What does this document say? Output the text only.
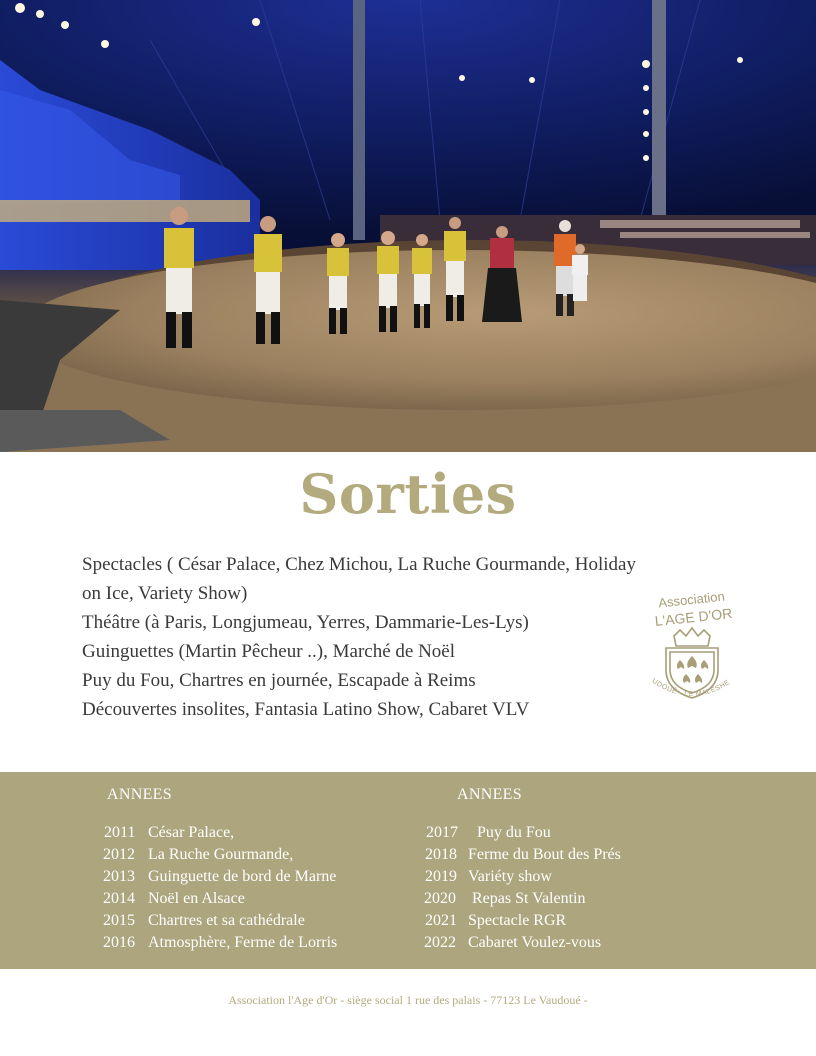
Sorties
Spectacles ( César Palace, Chez Michou, La Ruche Gourmande, Holiday
on Ice, Variety Show)
Théâtre (à Paris, Longjumeau, Yerres, Dammarie-Les-Lys)
Guinguettes (Martin Pêcheur ..), Marché de Noël
Puy du Fou, Chartres en journée, Escapade à Reims
Découvertes insolites, Fantasia Latino Show, Cabaret VLV
Association
L'AGE D'OR
UDOUÉ - LE MALESHE
ANNEES
2011 César Palace,
2012 La Ruche Gourmande,
2013 Guinguette de bord de Marne
2014 Noël en Alsace
2015 Chartres et sa cathédrale
2016 Atmosphère, Ferme de Lorris
ANNEES
2017 Puy du Fou
2018 Ferme du Bout des Prés
2019 Variéty show
2020 Repas St Valentin
2021 Spectacle RGR
2022 Cabaret Voulez-vous
Association l'Age d'Or - siège social 1 rue des palais - 77123 Le Vaudoué -
